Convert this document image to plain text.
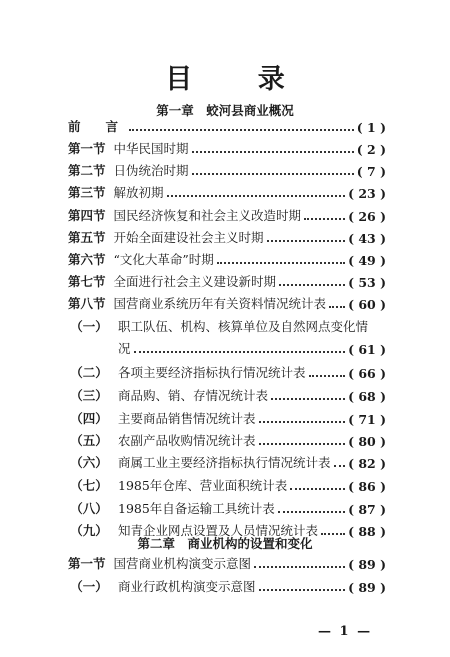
目 录
第一章　蛟河县商业概况
前　　言	( 1 )
第一节 中华民国时期	( 2 )
第二节 日伪统治时期	( 7 )
第三节 解放初期	( 23 )
第四节 国民经济恢复和社会主义改造时期	( 26 )
第五节 开始全面建设社会主义时期	( 43 )
第六节 “文化大革命”时期	( 49 )
第七节 全面进行社会主义建设新时期	( 53 )
第八节 国营商业系统历年有关资料情况统计表 ( 60 )
（一） 职工队伍、机构、核算单位及自然网点变化情
况	( 61 )
（二） 各项主要经济指标执行情况统计表	( 66 )
（三） 商品购、销、存情况统计表	( 68 )
（四） 主要商品销售情况统计表	( 71 )
（五） 农副产品收购情况统计表	( 80 )
（六） 商属工业主要经济指标执行情况统计表 ( 82 )
（七） 1985年仓库、营业面积统计表	( 86 )
（八） 1985年自备运输工具统计表	( 87 )
（九） 知青企业网点设置及人员情况统计表 ( 88 )
第二章　商业机构的设置和变化
第一节 国营商业机构演变示意图	( 89 )
（一） 商业行政机构演变示意图	( 89 )
— 1 —
